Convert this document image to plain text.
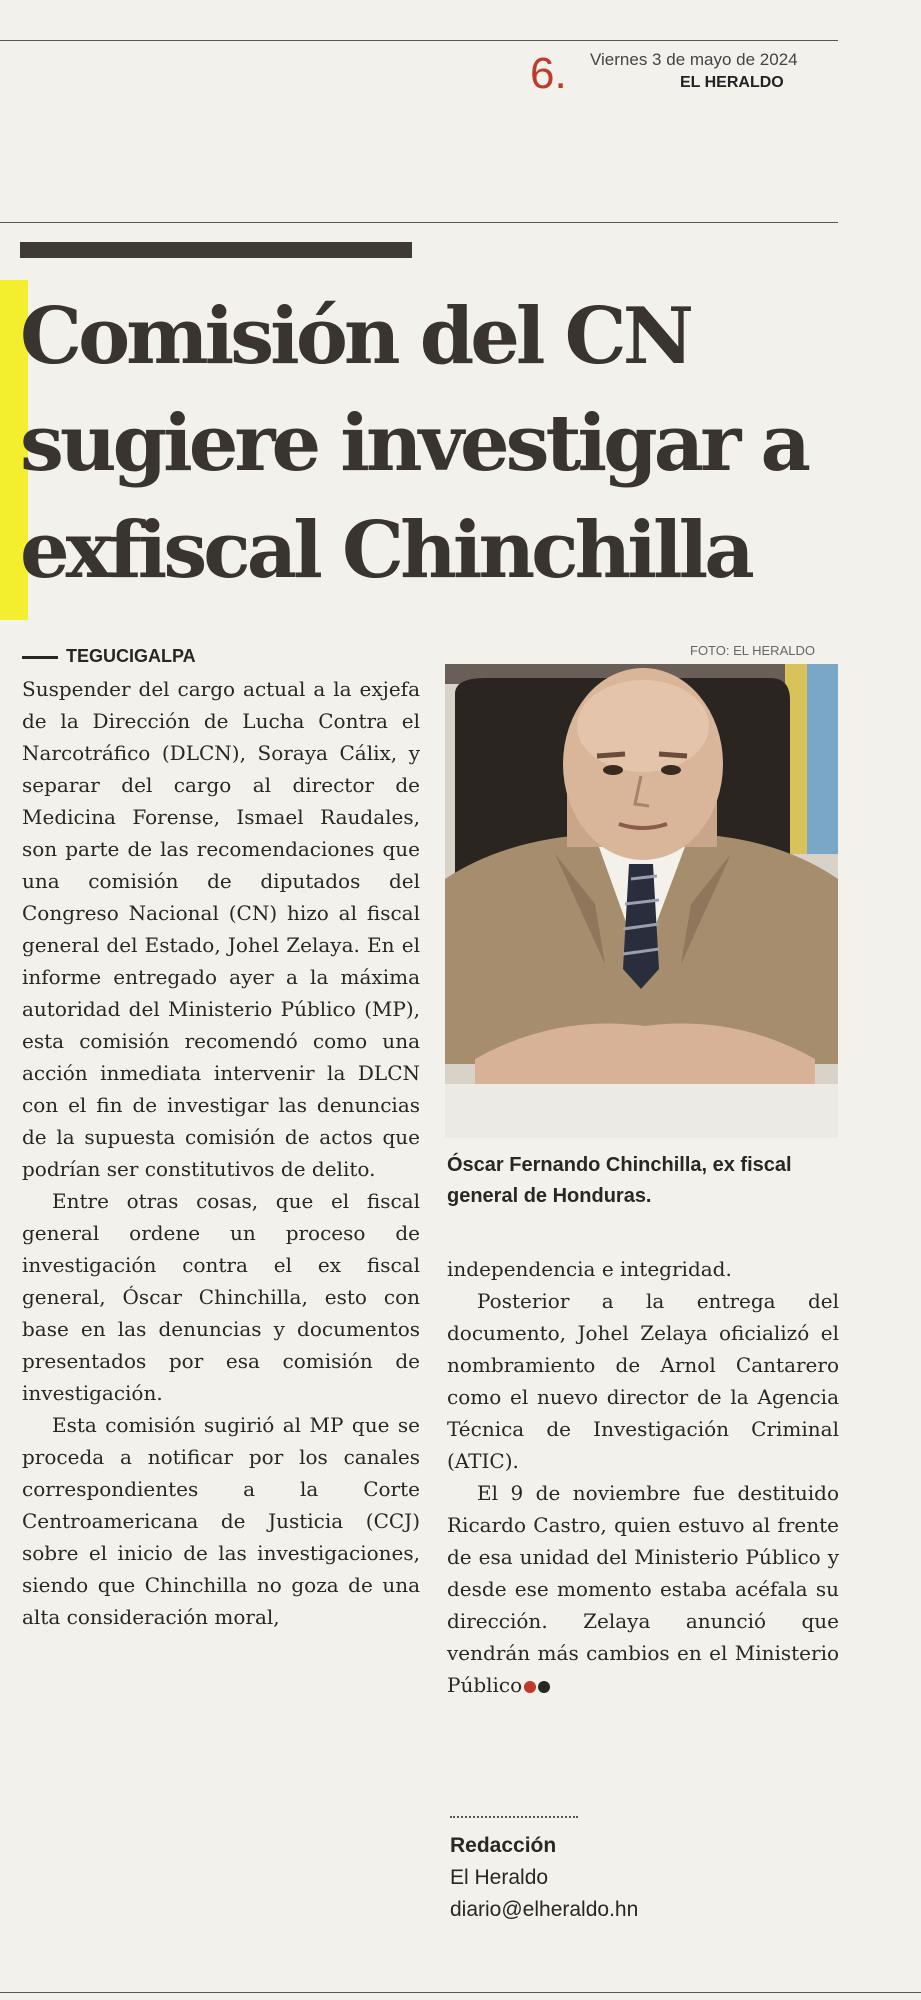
6. Viernes 3 de mayo de 2024
EL HERALDO
Comisión del CN
sugiere investigar a
exfiscal Chinchilla
TEGUCIGALPA

Suspender del cargo actual a la exjefa de la Dirección de Lucha Contra el Narcotráfico (DLCN), Soraya Cálix, y separar del cargo al director de Medicina Forense, Ismael Raudales, son parte de las recomendaciones que una comisión de diputados del Congreso Nacional (CN) hizo al fiscal general del Estado, Johel Zelaya. En el informe entregado ayer a la máxima autoridad del Ministerio Público (MP), esta comisión recomendó como una acción inmediata intervenir la DLCN con el fin de investigar las denuncias de la supuesta comisión de actos que podrían ser constitutivos de delito.

Entre otras cosas, que el fiscal general ordene un proceso de investigación contra el ex fiscal general, Óscar Chinchilla, esto con base en las denuncias y documentos presentados por esa comisión de investigación.

Esta comisión sugirió al MP que se proceda a notificar por los canales correspondientes a la Corte Centroamericana de Justicia (CCJ) sobre el inicio de las investigaciones, siendo que Chinchilla no goza de una alta consideración moral,

FOTO: EL HERALDO

Óscar Fernando Chinchilla, ex fiscal general de Honduras.

independencia e integridad.

Posterior a la entrega del documento, Johel Zelaya oficializó el nombramiento de Arnol Cantarero como el nuevo director de la Agencia Técnica de Investigación Criminal (ATIC).

El 9 de noviembre fue destituido Ricardo Castro, quien estuvo al frente de esa unidad del Ministerio Público y desde ese momento estaba acéfala su dirección. Zelaya anunció que vendrán más cambios en el Ministerio Público

Redacción
El Heraldo
diario@elheraldo.hn
